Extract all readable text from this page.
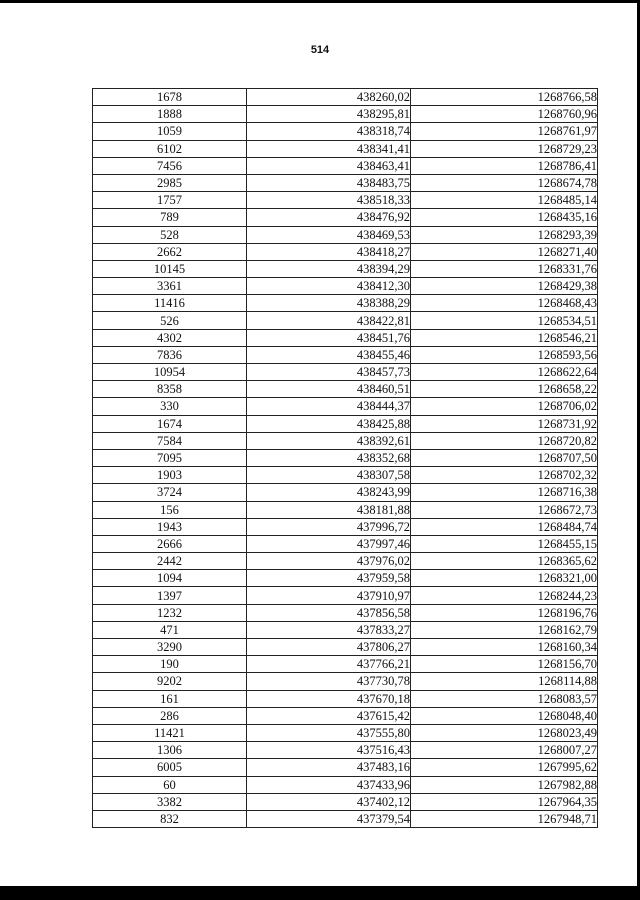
514
1678	438260,02	1268766,58
1888	438295,81	1268760,96
1059	438318,74	1268761,97
6102	438341,41	1268729,23
7456	438463,41	1268786,41
2985	438483,75	1268674,78
1757	438518,33	1268485,14
789	438476,92	1268435,16
528	438469,53	1268293,39
2662	438418,27	1268271,40
10145	438394,29	1268331,76
3361	438412,30	1268429,38
11416	438388,29	1268468,43
526	438422,81	1268534,51
4302	438451,76	1268546,21
7836	438455,46	1268593,56
10954	438457,73	1268622,64
8358	438460,51	1268658,22
330	438444,37	1268706,02
1674	438425,88	1268731,92
7584	438392,61	1268720,82
7095	438352,68	1268707,50
1903	438307,58	1268702,32
3724	438243,99	1268716,38
156	438181,88	1268672,73
1943	437996,72	1268484,74
2666	437997,46	1268455,15
2442	437976,02	1268365,62
1094	437959,58	1268321,00
1397	437910,97	1268244,23
1232	437856,58	1268196,76
471	437833,27	1268162,79
3290	437806,27	1268160,34
190	437766,21	1268156,70
9202	437730,78	1268114,88
161	437670,18	1268083,57
286	437615,42	1268048,40
11421	437555,80	1268023,49
1306	437516,43	1268007,27
6005	437483,16	1267995,62
60	437433,96	1267982,88
3382	437402,12	1267964,35
832	437379,54	1267948,71
